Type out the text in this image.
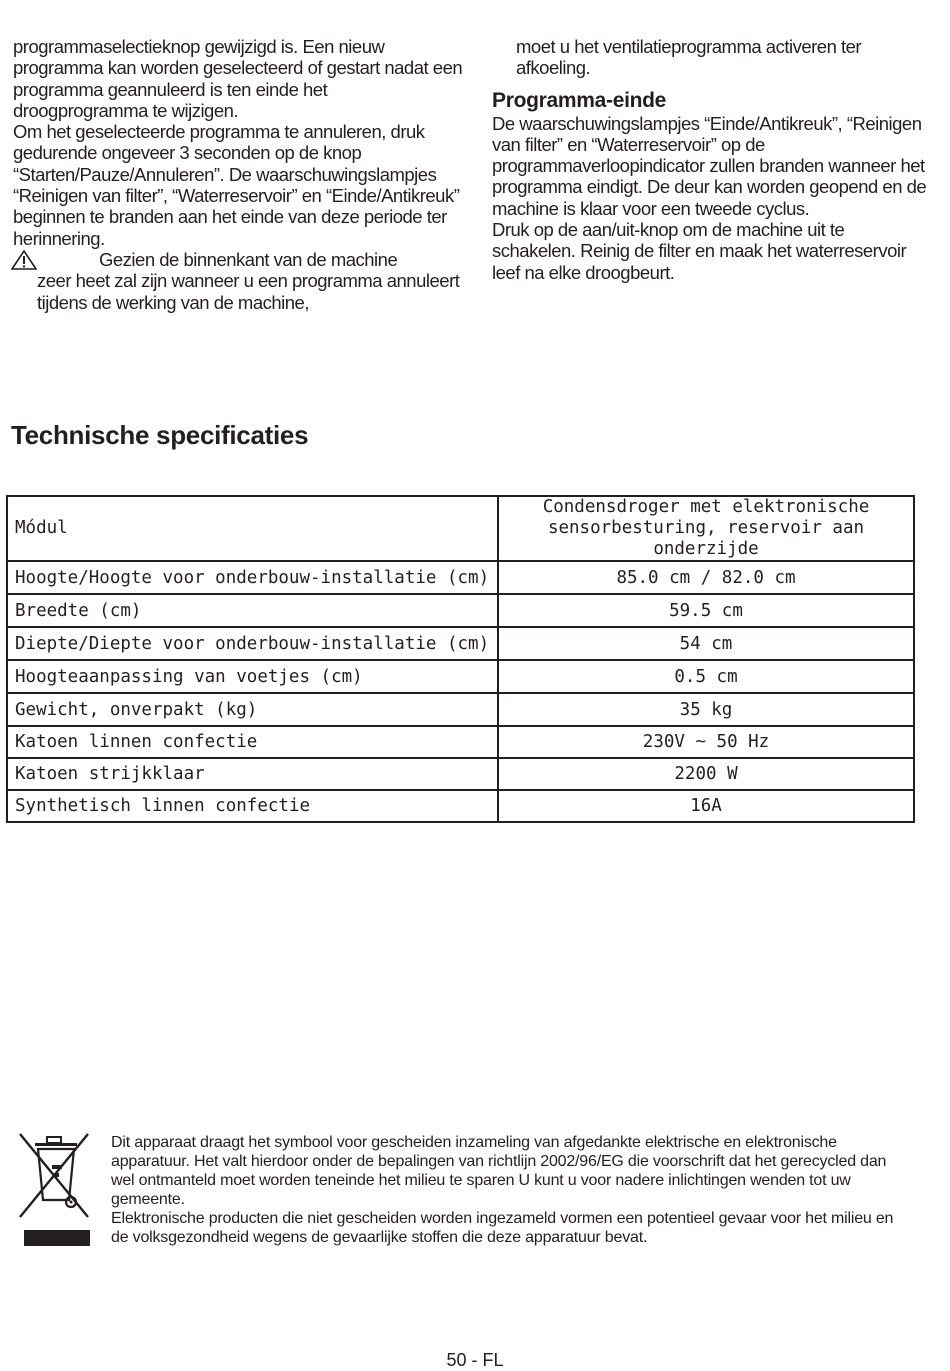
programmaselectieknop gewijzigd is. Een nieuw programma kan worden geselecteerd of gestart nadat een programma geannuleerd is ten einde het droogprogramma te wijzigen.

Om het geselecteerde programma te annuleren, druk gedurende ongeveer 3 seconden op de knop “Starten/Pauze/Annuleren”. De waarschuwingslampjes “Reinigen van filter”, “Waterreservoir” en “Einde/Antikreuk” beginnen te branden aan het einde van deze periode ter herinnering.

Gezien de binnenkant van de machine

zeer heet zal zijn wanneer u een programma annuleert tijdens de werking van de machine,

moet u het ventilatieprogramma activeren ter afkoeling.

Programma-einde

De waarschuwingslampjes “Einde/Antikreuk”, “Reinigen van filter” en “Waterreservoir” op de programmaverloopindicator zullen branden wanneer het programma eindigt. De deur kan worden geopend en de machine is klaar voor een tweede cyclus.

Druk op de aan/uit-knop om de machine uit te schakelen. Reinig de filter en maak het waterreservoir leef na elke droogbeurt.

Technische specificaties
Módul	Condensdroger met elektronische sensorbesturing, reservoir aan onderzijde
Hoogte/Hoogte voor onderbouw-installatie (cm)	85.0 cm / 82.0 cm
Breedte (cm)	59.5 cm
Diepte/Diepte voor onderbouw-installatie (cm)	54 cm
Hoogteaanpassing van voetjes (cm)	0.5 cm
Gewicht, onverpakt (kg)	35 kg
Katoen linnen confectie	230V ~ 50 Hz
Katoen strijkklaar	2200 W
Synthetisch linnen confectie	16A

Dit apparaat draagt het symbool voor gescheiden inzameling van afgedankte elektrische en elektronische apparatuur. Het valt hierdoor onder de bepalingen van richtlijn 2002/96/EG die voorschrift dat het gerecycled dan wel ontmanteld moet worden teneinde het milieu te sparen U kunt u voor nadere inlichtingen wenden tot uw gemeente.

Elektronische producten die niet gescheiden worden ingezameld vormen een potentieel gevaar voor het milieu en de volksgezondheid wegens de gevaarlijke stoffen die deze apparatuur bevat.

50 - FL
